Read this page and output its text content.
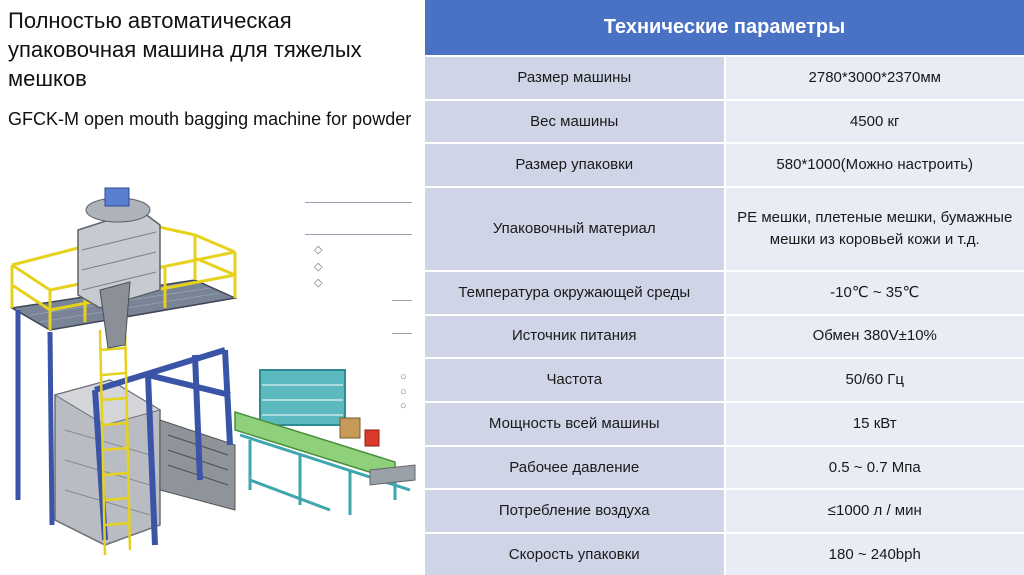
Полностью автоматическая упаковочная машина для тяжелых мешков
GFCK-M open mouth bagging machine for powder
◇
◇
◇
○
○
○
Технические параметры	
Размер машины	2780*3000*2370мм
Вес машины	4500 кг
Размер упаковки	580*1000(Можно настроить)
Упаковочный материал	PE мешки, плетеные мешки, бумажные мешки из коровьей кожи и т.д.
Температура окружающей среды	-10℃ ~ 35℃
Источник питания	Обмен 380V±10%
Частота	50/60 Гц
Мощность всей машины	15 кВт
Рабочее давление	0.5 ~ 0.7 Мпа
Потребление воздуха	≤1000 л / мин
Скорость упаковки	180 ~ 240bph
